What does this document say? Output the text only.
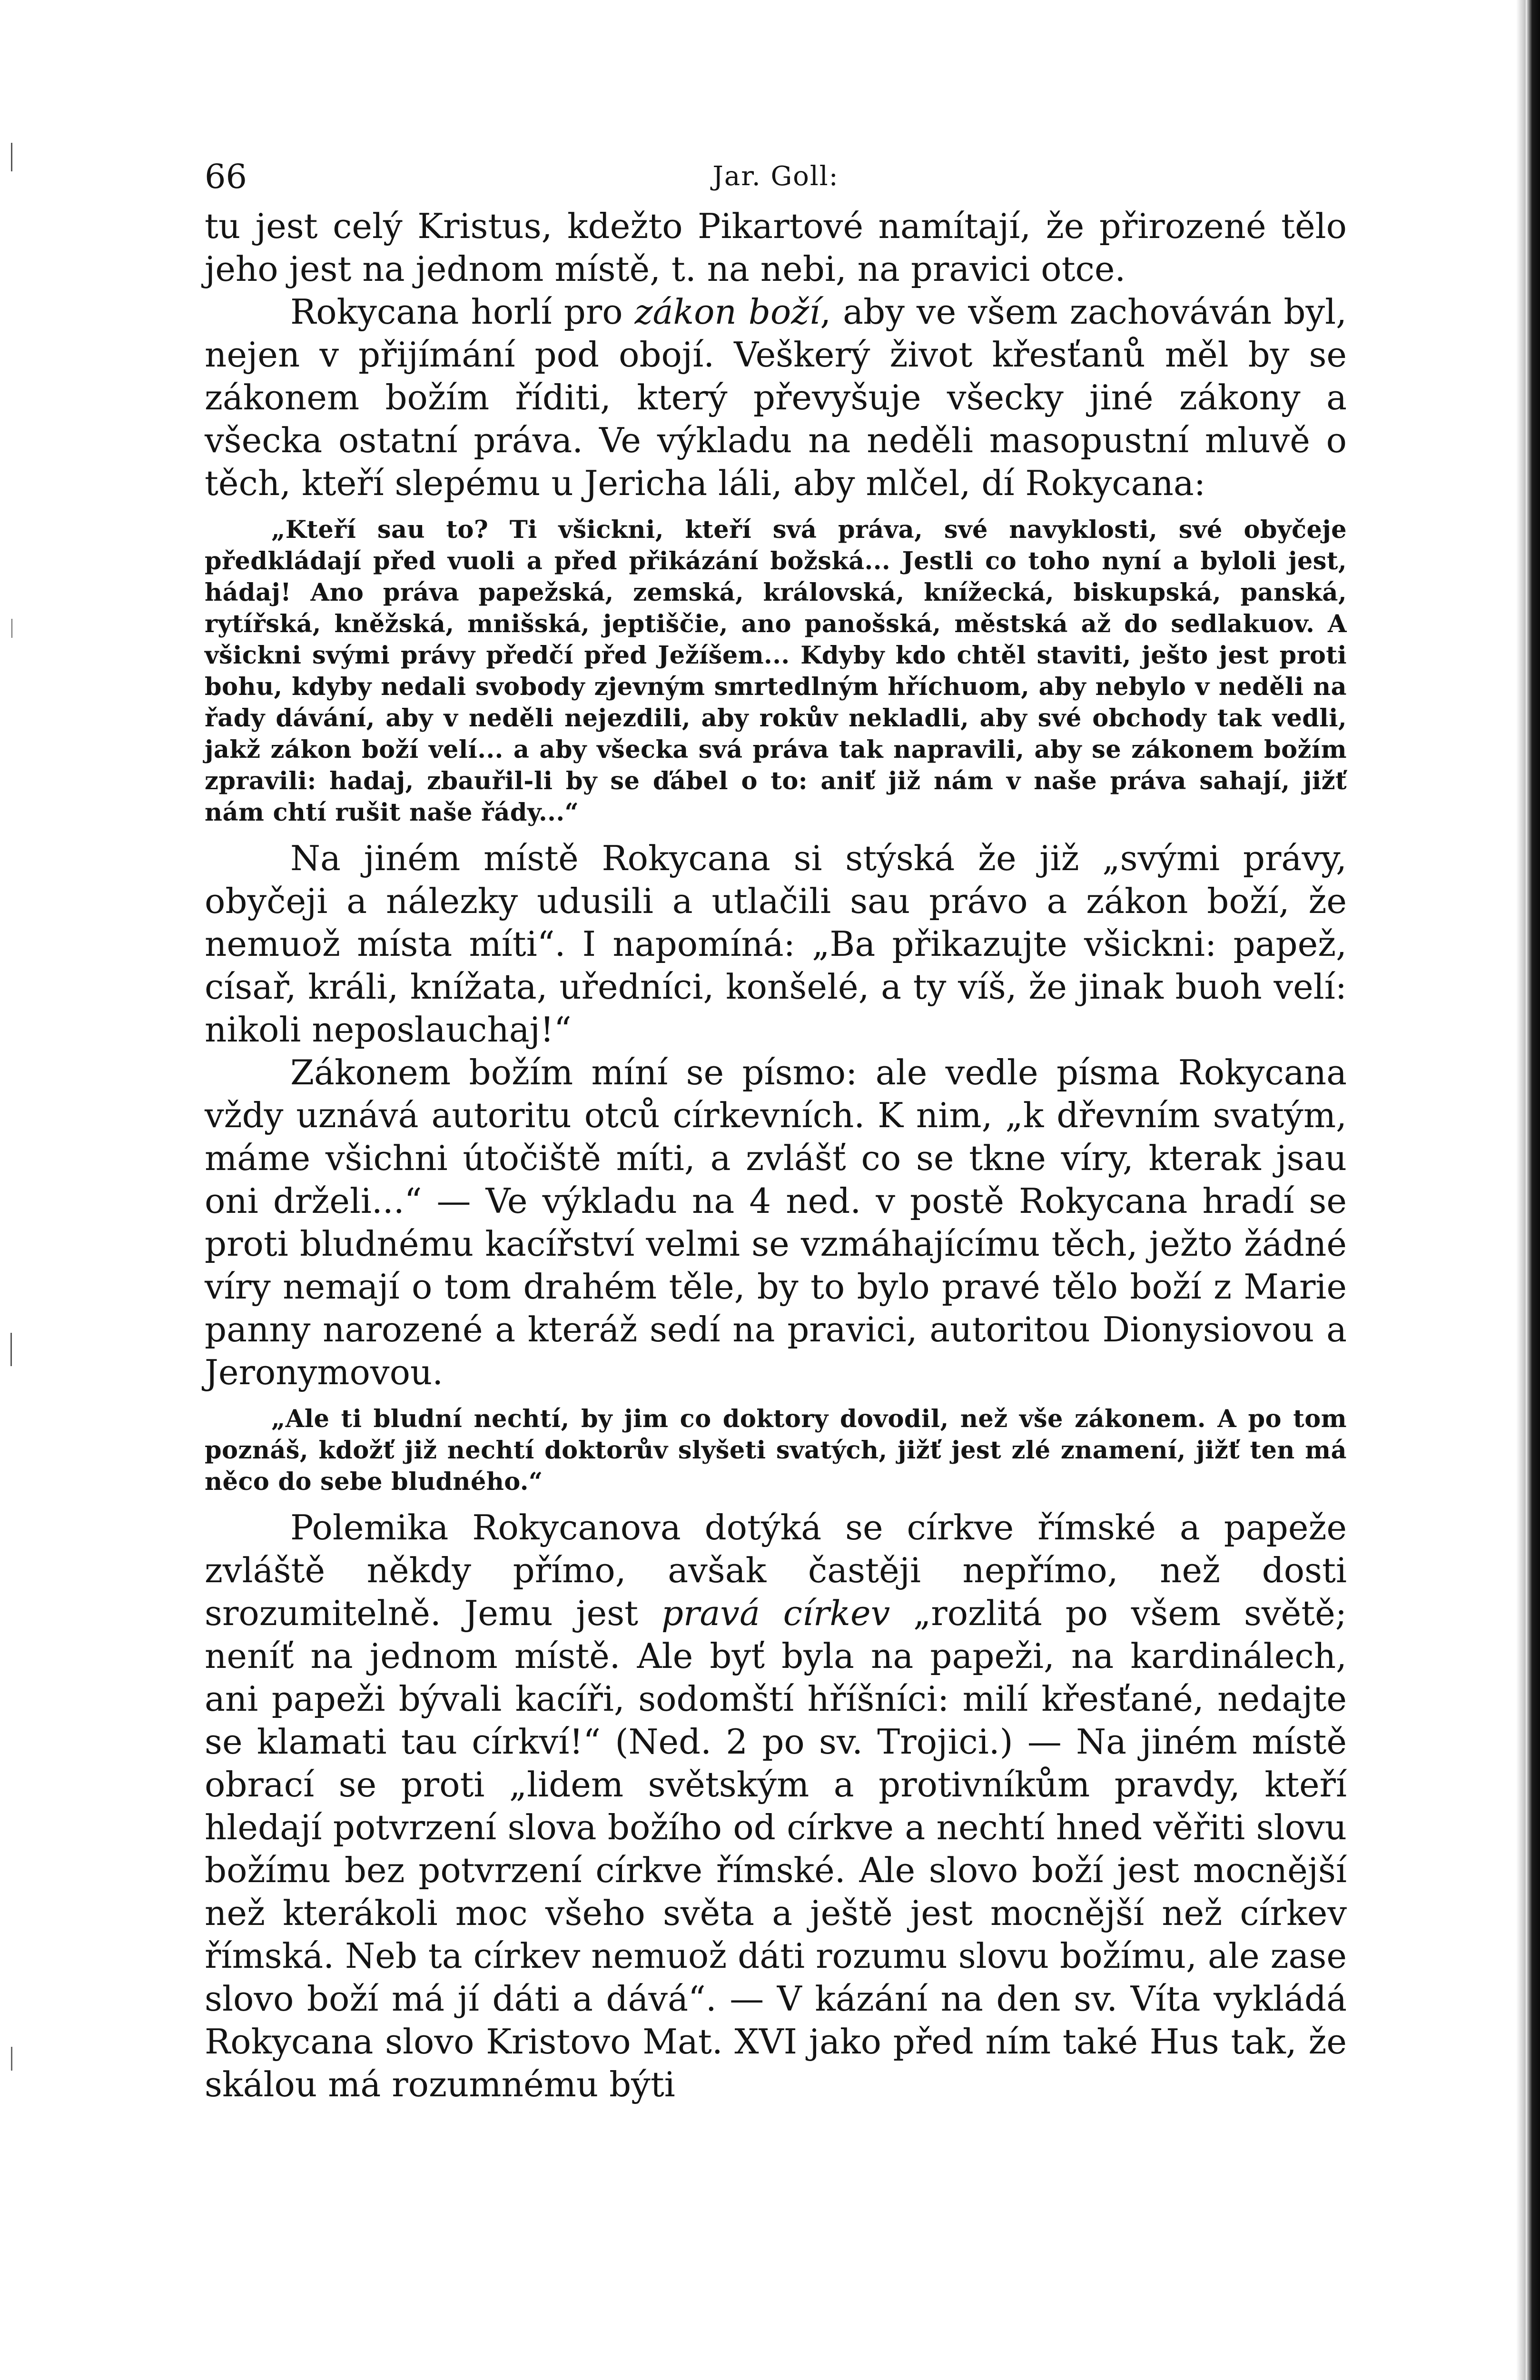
66	Jar. Goll:

tu jest celý Kristus, kdežto Pikartové namítají, že přirozené tělo jeho jest na jednom místě, t. na nebi, na pravici otce.

Rokycana horlí pro zákon boží, aby ve všem zachováván byl, nejen v přijímání pod obojí. Veškerý život křesťanů měl by se zákonem božím říditi, který převyšuje všecky jiné zákony a všecka ostatní práva. Ve výkladu na neděli masopustní mluvě o těch, kteří slepému u Jericha láli, aby mlčel, dí Rokycana:

„Kteří sau to? Ti všickni, kteří svá práva, své navyklosti, své obyčeje předkládají před vuoli a před přikázání božská... Jestli co toho nyní a byloli jest, hádaj! Ano práva papežská, zemská, královská, knížecká, biskupská, panská, rytířská, kněžská, mnišská, jeptiščie, ano panošská, městská až do sedlakuov. A všickni svými právy předčí před Ježíšem... Kdyby kdo chtěl staviti, ješto jest proti bohu, kdyby nedali svobody zjevným smrtedlným hříchuom, aby nebylo v neděli na řady dávání, aby v neděli nejezdili, aby rokův nekladli, aby své obchody tak vedli, jakž zákon boží velí... a aby všecka svá práva tak napravili, aby se zákonem božím zpravili: hadaj, zbauřil-li by se ďábel o to: aniť již nám v naše práva sahají, jižť nám chtí rušit naše řády...“

Na jiném místě Rokycana si stýská že již „svými právy, obyčeji a nálezky udusili a utlačili sau právo a zákon boží, že nemuož místa míti“. I napomíná: „Ba přikazujte všickni: papež, císař, králi, knížata, uředníci, konšelé, a ty víš, že jinak buoh velí: nikoli neposlauchaj!“

Zákonem božím míní se písmo: ale vedle písma Rokycana vždy uznává autoritu otců církevních. K nim, „k dřevním svatým, máme všichni útočiště míti, a zvlášť co se tkne víry, kterak jsau oni drželi...“ — Ve výkladu na 4 ned. v postě Rokycana hradí se proti bludnému kacířství velmi se vzmáhajícímu těch, ježto žádné víry nemají o tom drahém těle, by to bylo pravé tělo boží z Marie panny narozené a kteráž sedí na pravici, autoritou Dionysiovou a Jeronymovou.

„Ale ti bludní nechtí, by jim co doktory dovodil, než vše zákonem. A po tom poznáš, kdožť již nechtí doktorův slyšeti svatých, jižť jest zlé znamení, jižť ten má něco do sebe bludného.“

Polemika Rokycanova dotýká se církve římské a papeže zvláště někdy přímo, avšak častěji nepřímo, než dosti srozumitelně. Jemu jest pravá církev „rozlitá po všem světě; neníť na jednom místě. Ale byť byla na papeži, na kardinálech, ani papeži bývali kacíři, sodomští hříšníci: milí křesťané, nedajte se klamati tau církví!“ (Ned. 2 po sv. Trojici.) — Na jiném místě obrací se proti „lidem světským a protivníkům pravdy, kteří hledají potvrzení slova božího od církve a nechtí hned věřiti slovu božímu bez potvrzení církve římské. Ale slovo boží jest mocnější než kterákoli moc všeho světa a ještě jest mocnější než církev římská. Neb ta církev nemuož dáti rozumu slovu božímu, ale zase slovo boží má jí dáti a dává“. — V kázání na den sv. Víta vykládá Rokycana slovo Kristovo Mat. XVI jako před ním také Hus tak, že skálou má rozumnému býti
